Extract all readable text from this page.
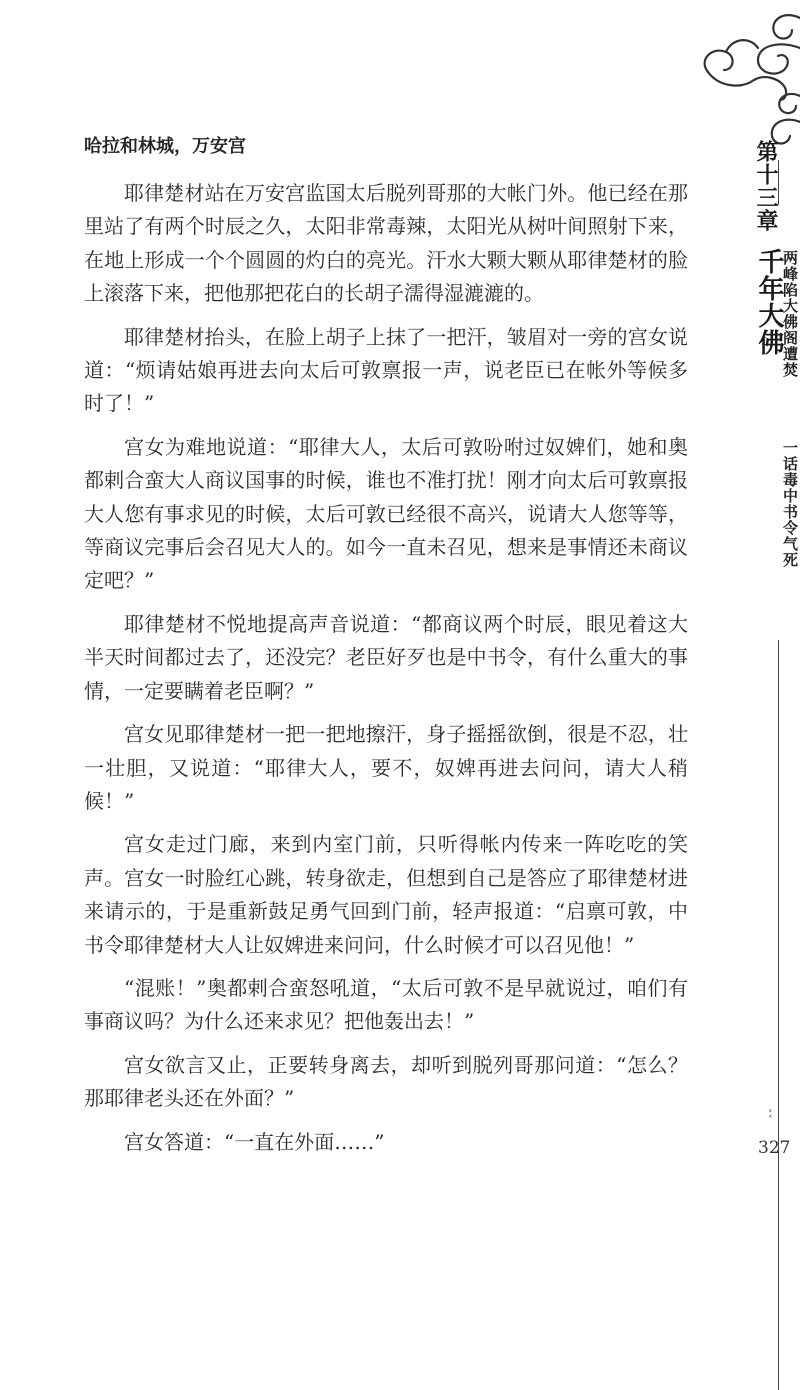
第十三章
千年大佛
两峰陷大佛阁遭焚
一话毒中书令气死
˅˅
327
哈拉和林城，万安宫

耶律楚材站在万安宫监国太后脱列哥那的大帐门外。他已经在那里站了有两个时辰之久，太阳非常毒辣，太阳光从树叶间照射下来，在地上形成一个个圆圆的灼白的亮光。汗水大颗大颗从耶律楚材的脸上滚落下来，把他那把花白的长胡子濡得湿漉漉的。

耶律楚材抬头，在脸上胡子上抹了一把汗，皱眉对一旁的宫女说道：“烦请姑娘再进去向太后可敦禀报一声，说老臣已在帐外等候多时了！”

宫女为难地说道：“耶律大人，太后可敦吩咐过奴婢们，她和奥都剌合蛮大人商议国事的时候，谁也不准打扰！刚才向太后可敦禀报大人您有事求见的时候，太后可敦已经很不高兴，说请大人您等等，等商议完事后会召见大人的。如今一直未召见，想来是事情还未商议定吧？”

耶律楚材不悦地提高声音说道：“都商议两个时辰，眼见着这大半天时间都过去了，还没完？老臣好歹也是中书令，有什么重大的事情，一定要瞒着老臣啊？”

宫女见耶律楚材一把一把地擦汗，身子摇摇欲倒，很是不忍，壮一壮胆，又说道：“耶律大人，要不，奴婢再进去问问，请大人稍候！”

宫女走过门廊，来到内室门前，只听得帐内传来一阵吃吃的笑声。宫女一时脸红心跳，转身欲走，但想到自己是答应了耶律楚材进来请示的，于是重新鼓足勇气回到门前，轻声报道：“启禀可敦，中书令耶律楚材大人让奴婢进来问问，什么时候才可以召见他！”

“混账！”奥都剌合蛮怒吼道，“太后可敦不是早就说过，咱们有事商议吗？为什么还来求见？把他轰出去！”

宫女欲言又止，正要转身离去，却听到脱列哥那问道：“怎么？那耶律老头还在外面？”

宫女答道：“一直在外面……”
